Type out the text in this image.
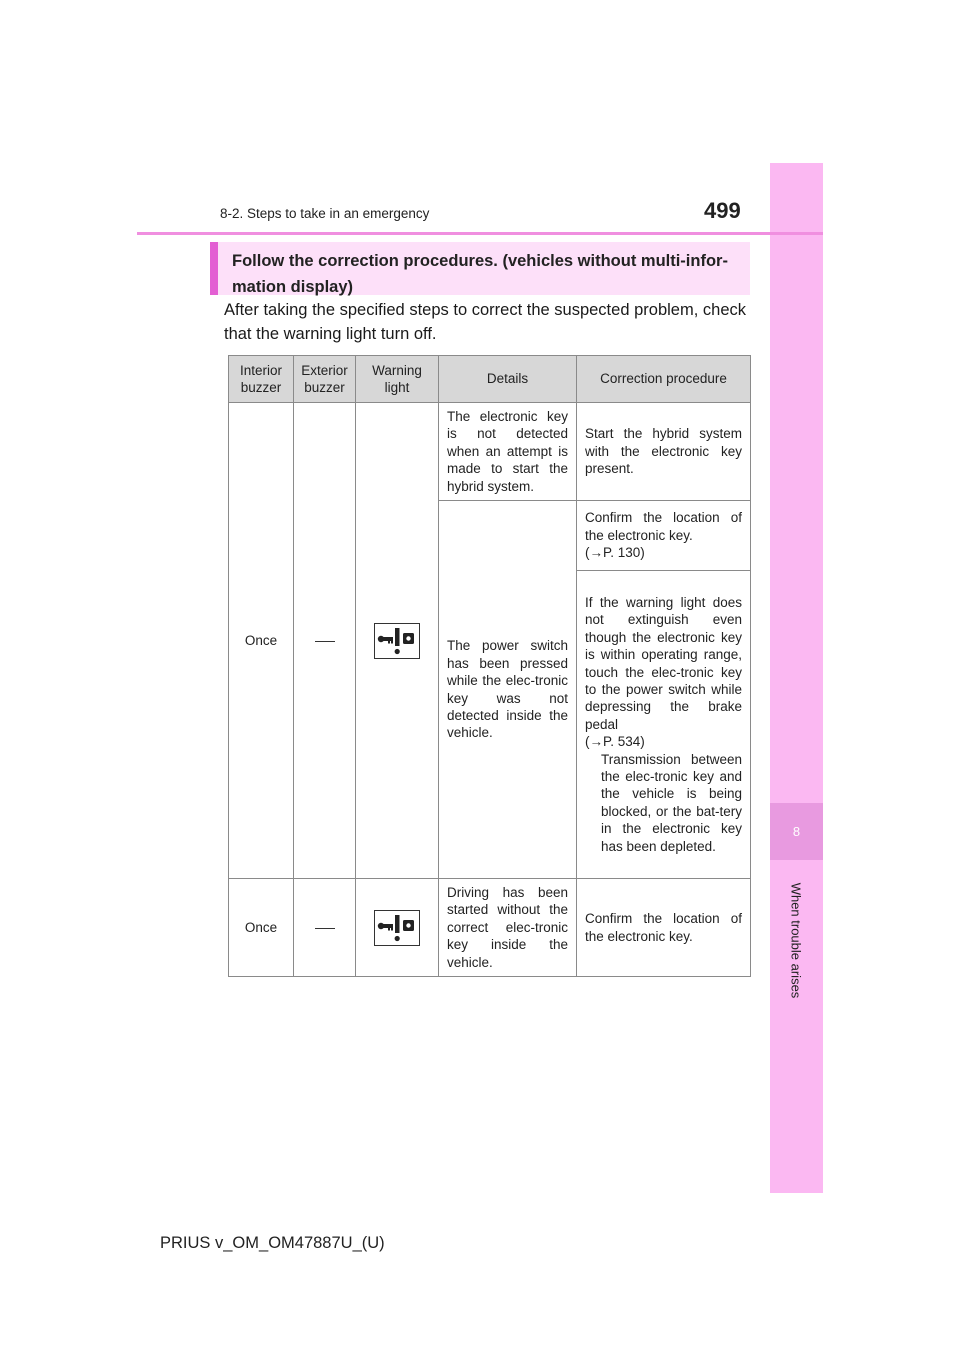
8
When trouble arises
8-2. Steps to take in an emergency	499
Follow the correction procedures. (vehicles without multi-infor-mation display)
After taking the specified steps to correct the suspected problem, check that the warning light turn off.
Interior buzzer	Exterior buzzer	Warning light	Details	Correction procedure
Once			The electronic key is not detected when an attempt is made to start the hybrid system.	Start the hybrid system with the electronic key present.
			The power switch has been pressed while the elec-tronic key was not detected inside the vehicle.	Confirm the location of the electronic key.
(→P. 130)

				If the warning light does not extinguish even though the electronic key is within operating range, touch the elec-tronic key to the power switch while depressing the brake pedal
(→P. 534)
Transmission between the elec-tronic key and the vehicle is being blocked, or the bat-tery in the electronic key has been depleted.

Once			Driving has been started without the correct elec-tronic key inside the vehicle.	Confirm the location of the electronic key.
PRIUS v_OM_OM47887U_(U)
